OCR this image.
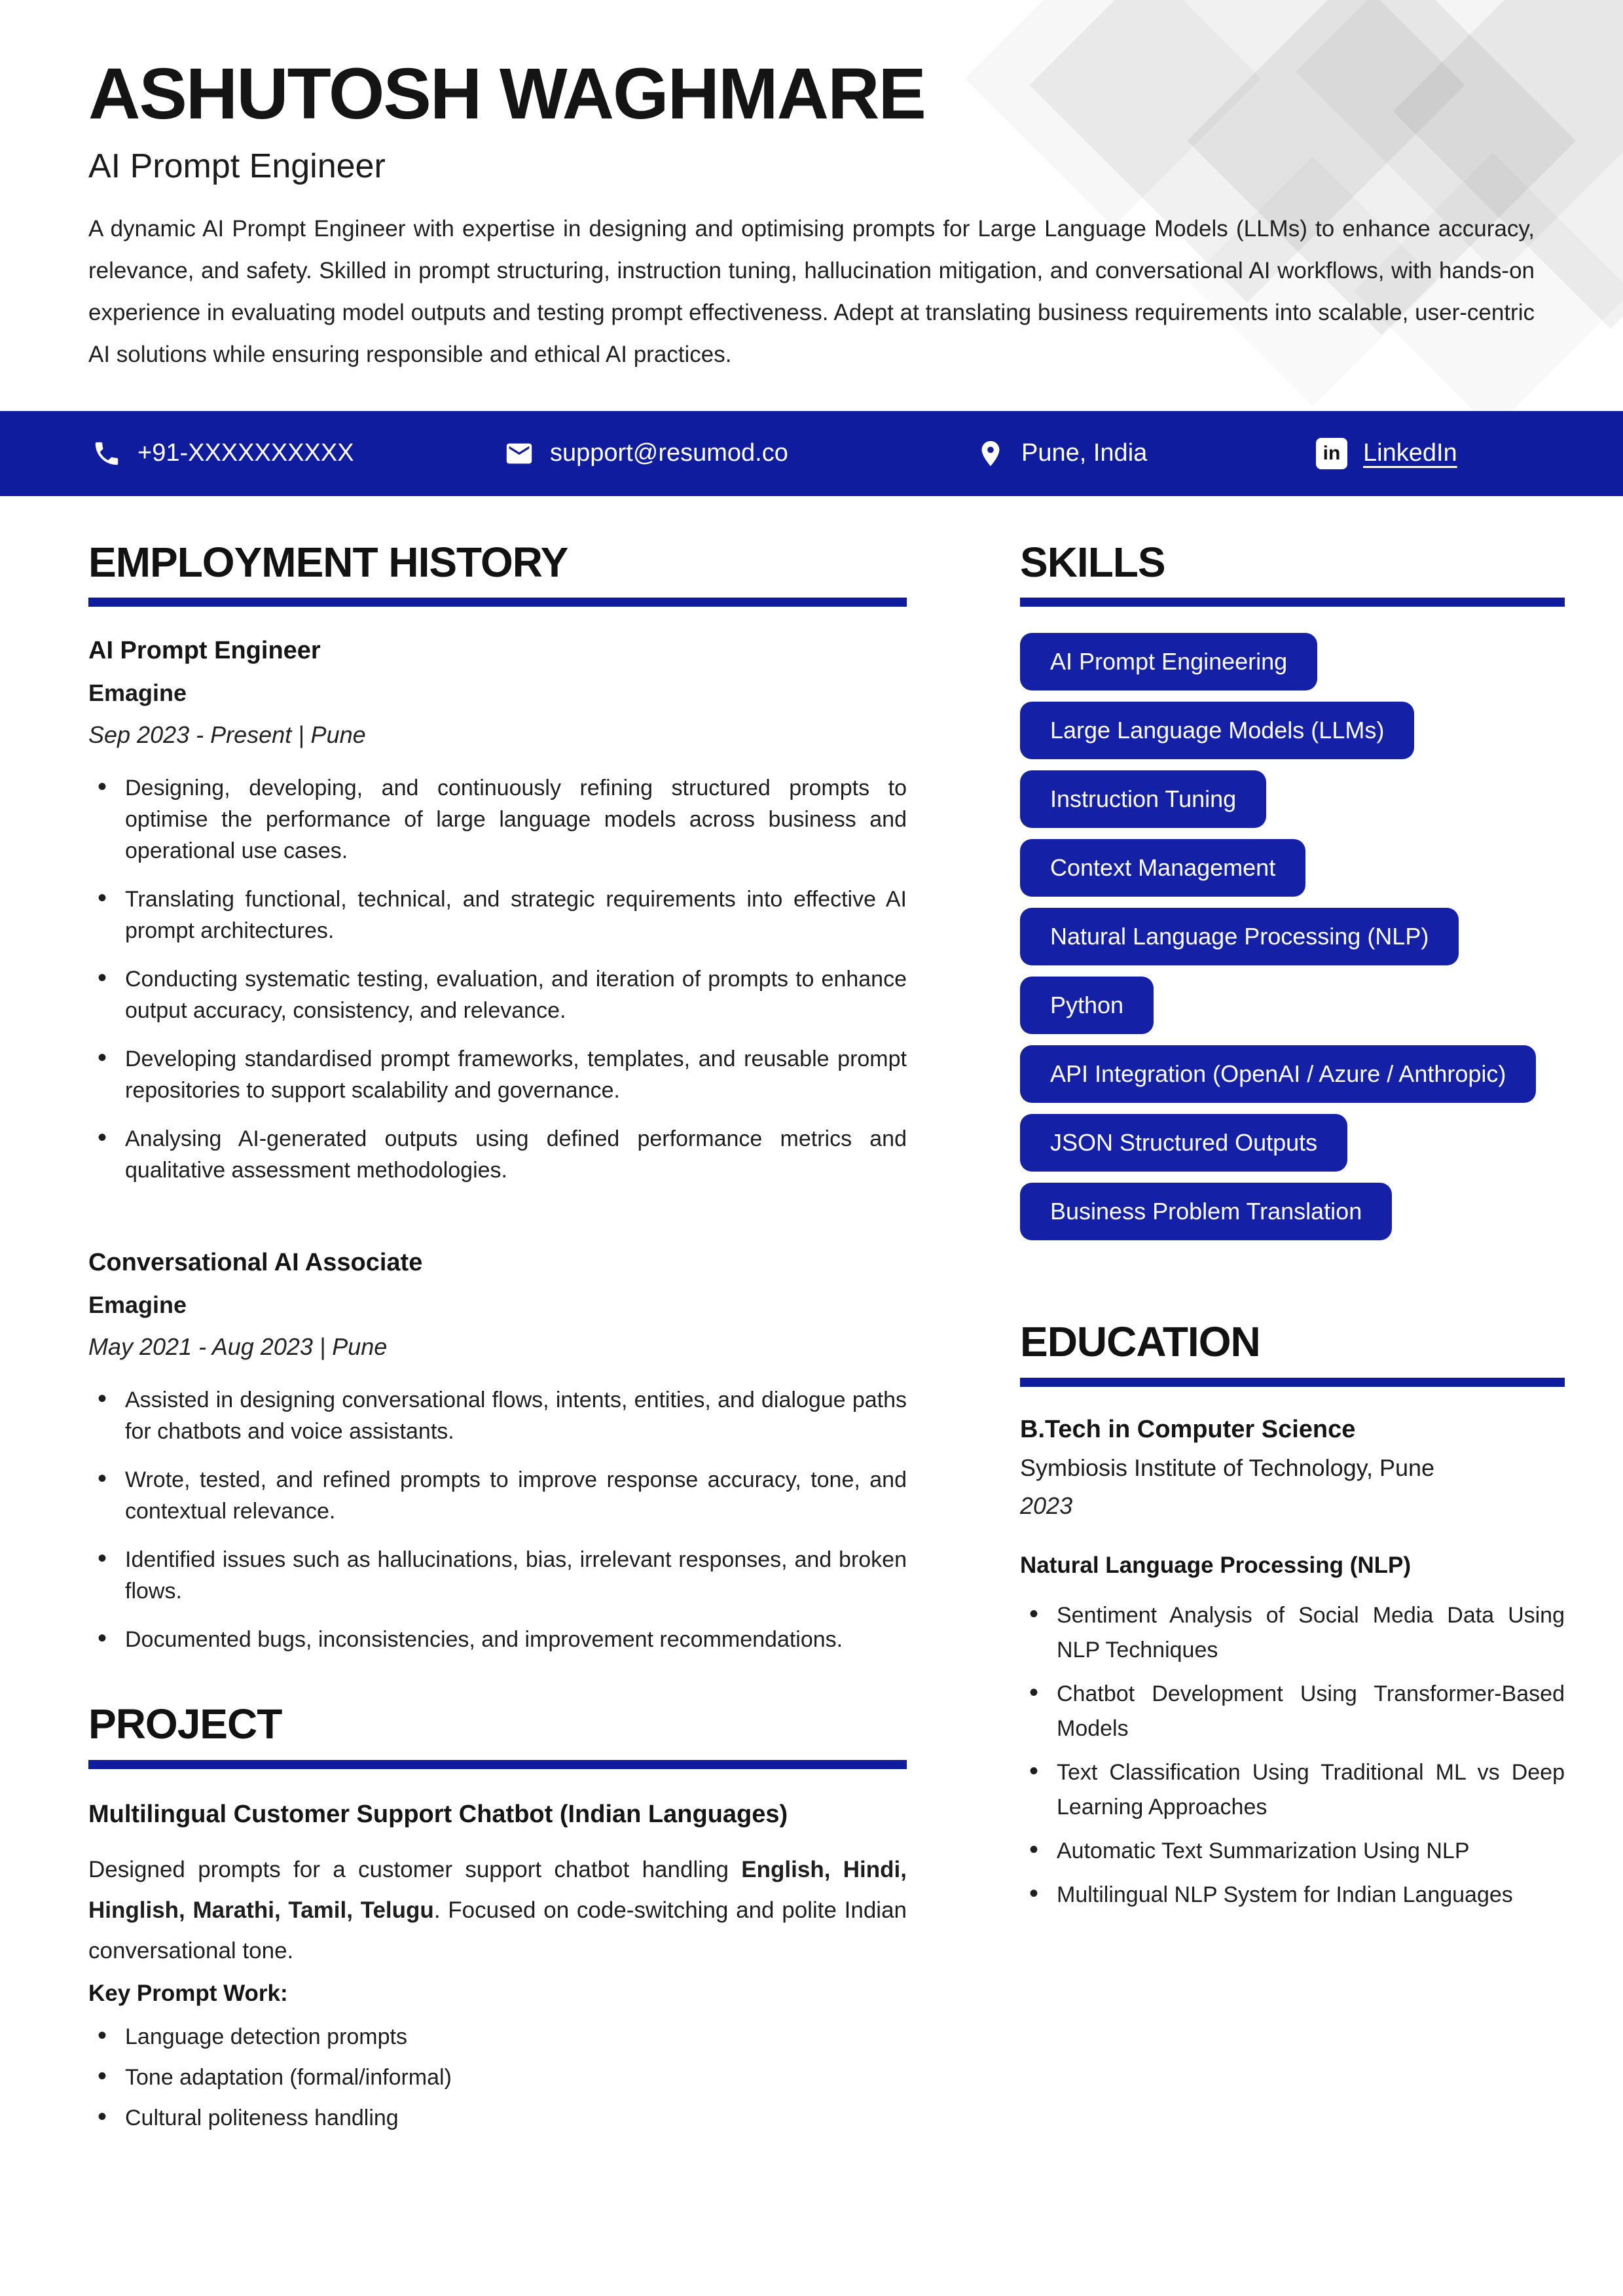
ASHUTOSH WAGHMARE
AI Prompt Engineer

A dynamic AI Prompt Engineer with expertise in designing and optimising prompts for Large Language Models (LLMs) to enhance accuracy, relevance, and safety. Skilled in prompt structuring, instruction tuning, hallucination mitigation, and conversational AI workflows, with hands-on experience in evaluating model outputs and testing prompt effectiveness. Adept at translating business requirements into scalable, user-centric AI solutions while ensuring responsible and ethical AI practices.

+91-XXXXXXXXXX	support@resumod.co	Pune, India	in LinkedIn
EMPLOYMENT HISTORY
AI Prompt Engineer
Emagine
Sep 2023 - Present | Pune
• Designing, developing, and continuously refining structured prompts to optimise the performance of large language models across business and operational use cases.
• Translating functional, technical, and strategic requirements into effective AI prompt architectures.
• Conducting systematic testing, evaluation, and iteration of prompts to enhance output accuracy, consistency, and relevance.
• Developing standardised prompt frameworks, templates, and reusable prompt repositories to support scalability and governance.
• Analysing AI-generated outputs using defined performance metrics and qualitative assessment methodologies.
Conversational AI Associate
Emagine
May 2021 - Aug 2023 | Pune
• Assisted in designing conversational flows, intents, entities, and dialogue paths for chatbots and voice assistants.
• Wrote, tested, and refined prompts to improve response accuracy, tone, and contextual relevance.
• Identified issues such as hallucinations, bias, irrelevant responses, and broken flows.
• Documented bugs, inconsistencies, and improvement recommendations.
PROJECT
Multilingual Customer Support Chatbot (Indian Languages)

Designed prompts for a customer support chatbot handling English, Hindi, Hinglish, Marathi, Tamil, Telugu. Focused on code-switching and polite Indian conversational tone.

Key Prompt Work:
• Language detection prompts
• Tone adaptation (formal/informal)
• Cultural politeness handling
SKILLS
AI Prompt Engineering
Large Language Models (LLMs)
Instruction Tuning
Context Management
Natural Language Processing (NLP)
Python
API Integration (OpenAI / Azure / Anthropic)
JSON Structured Outputs
Business Problem Translation
EDUCATION
B.Tech in Computer Science
Symbiosis Institute of Technology, Pune
2023
Natural Language Processing (NLP)
• Sentiment Analysis of Social Media Data Using NLP Techniques
• Chatbot Development Using Transformer-Based Models
• Text Classification Using Traditional ML vs Deep Learning Approaches
• Automatic Text Summarization Using NLP
• Multilingual NLP System for Indian Languages
